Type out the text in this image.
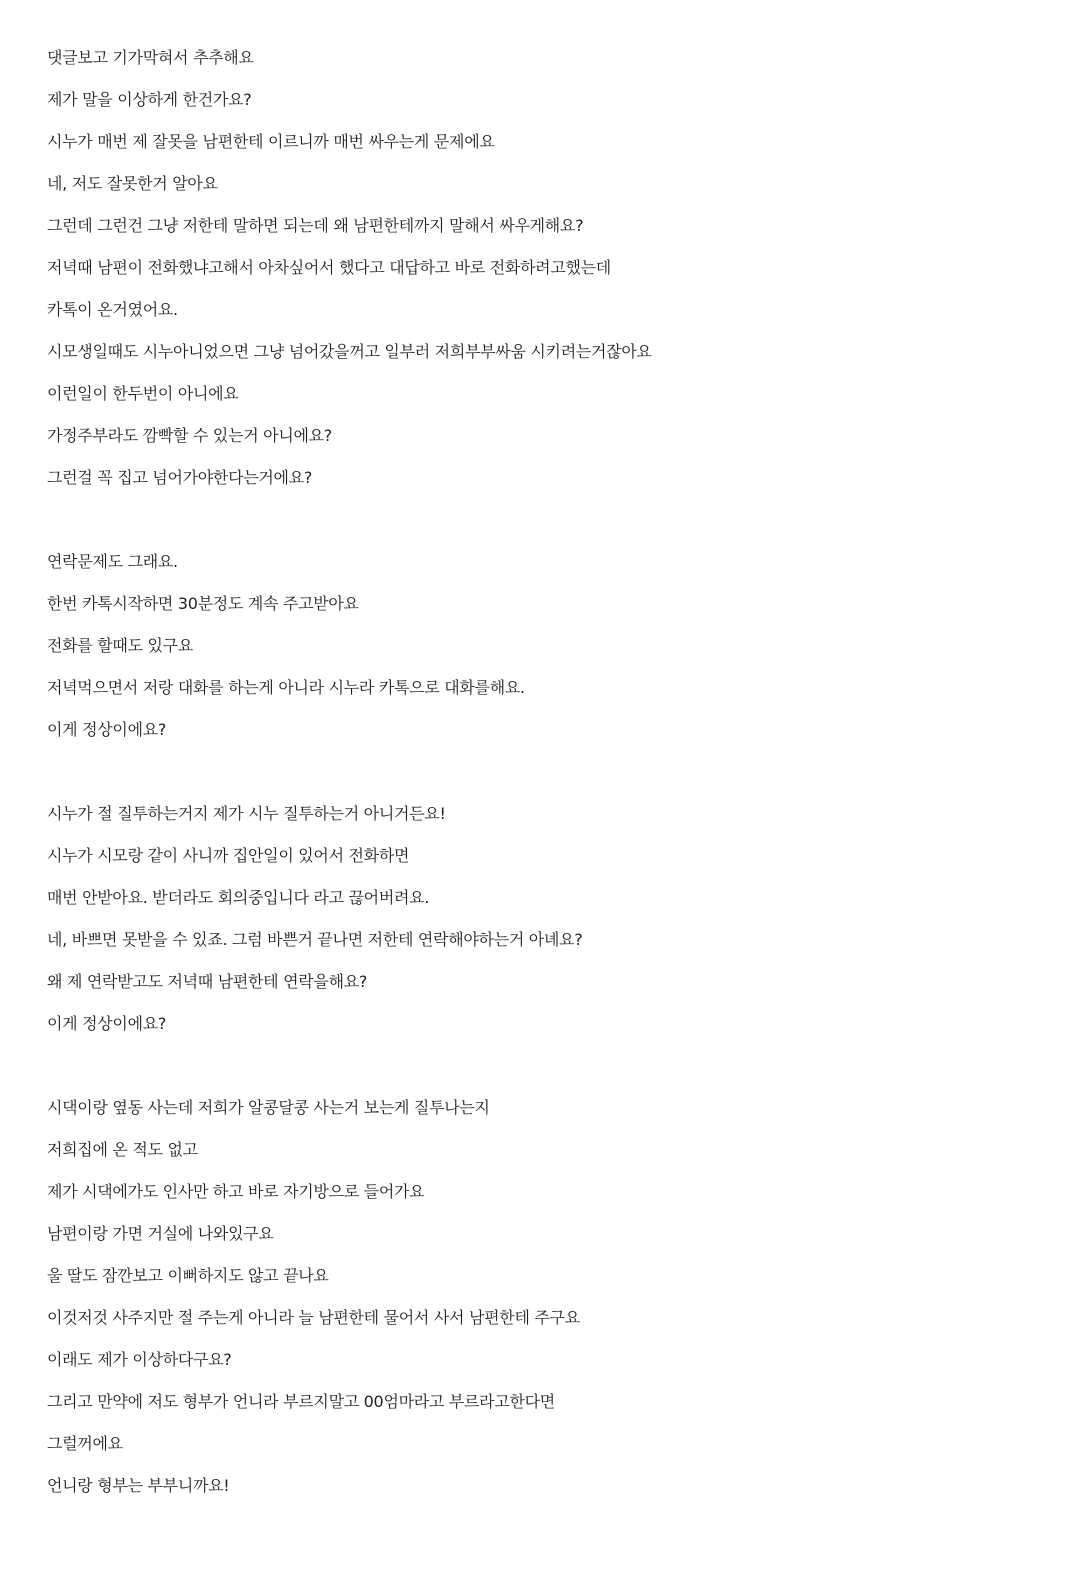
댓글보고 기가막혀서 추추해요
제가 말을 이상하게 한건가요?
시누가 매번 제 잘못을 남편한테 이르니까 매번 싸우는게 문제에요
네, 저도 잘못한거 알아요
그런데 그런건 그냥 저한테 말하면 되는데 왜 남편한테까지 말해서 싸우게해요?
저녁때 남편이 전화했냐고해서 아차싶어서 했다고 대답하고 바로 전화하려고했는데
카톡이 온거였어요.
시모생일때도 시누아니었으면 그냥 넘어갔을꺼고 일부러 저희부부싸움 시키려는거잖아요
이런일이 한두번이 아니에요
가정주부라도 깜빡할 수 있는거 아니에요?
그런걸 꼭 집고 넘어가야한다는거에요?
연락문제도 그래요.
한번 카톡시작하면 30분정도 계속 주고받아요
전화를 할때도 있구요
저녁먹으면서 저랑 대화를 하는게 아니라 시누라 카톡으로 대화를해요.
이게 정상이에요?
시누가 절 질투하는거지 제가 시누 질투하는거 아니거든요!
시누가 시모랑 같이 사니까 집안일이 있어서 전화하면
매번 안받아요. 받더라도 회의중입니다 라고 끊어버려요.
네, 바쁘면 못받을 수 있죠. 그럼 바쁜거 끝나면 저한테 연락해야하는거 아녜요?
왜 제 연락받고도 저녁때 남편한테 연락을해요?
이게 정상이에요?
시댁이랑 옆동 사는데 저희가 알콩달콩 사는거 보는게 질투나는지
저희집에 온 적도 없고
제가 시댁에가도 인사만 하고 바로 자기방으로 들어가요
남편이랑 가면 거실에 나와있구요
울 딸도 잠깐보고 이뻐하지도 않고 끝나요
이것저것 사주지만 절 주는게 아니라 늘 남편한테 물어서 사서 남편한테 주구요
이래도 제가 이상하다구요?
그리고 만약에 저도 형부가 언니라 부르지말고 00엄마라고 부르라고한다면
그럴꺼에요
언니랑 형부는 부부니까요!
